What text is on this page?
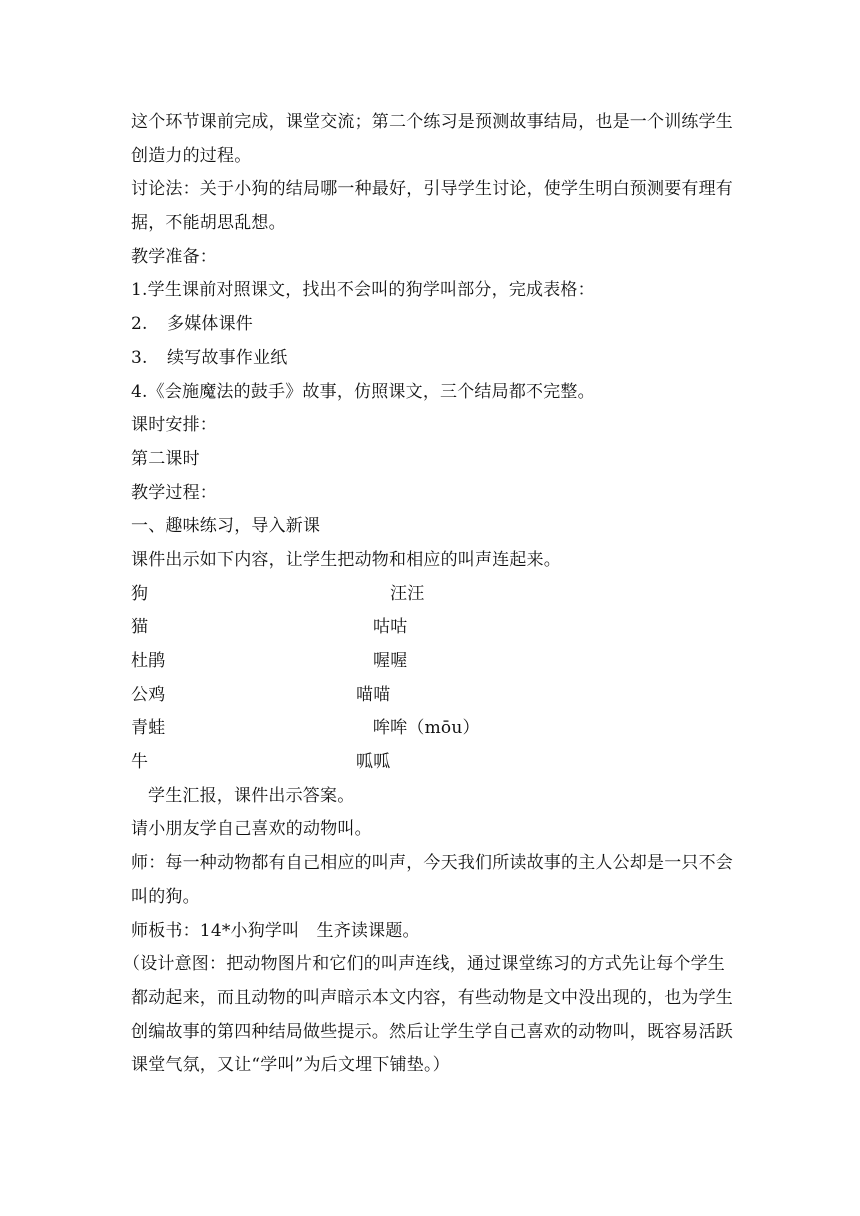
这个环节课前完成，课堂交流；第二个练习是预测故事结局，也是一个训练学生
创造力的过程。
讨论法：关于小狗的结局哪一种最好，引导学生讨论，使学生明白预测要有理有
据，不能胡思乱想。
教学准备：
1.学生课前对照课文，找出不会叫的狗学叫部分，完成表格：
2. 多媒体课件
3. 续写故事作业纸
4.《会施魔法的鼓手》故事，仿照课文，三个结局都不完整。
课时安排：
第二课时
教学过程：
一、趣味练习，导入新课
课件出示如下内容，让学生把动物和相应的叫声连起来。
狗	汪汪
猫	咕咕
杜鹃	喔喔
公鸡	喵喵
青蛙	哞哞（mōu）
牛	呱呱
学生汇报，课件出示答案。
请小朋友学自己喜欢的动物叫。
师：每一种动物都有自己相应的叫声，今天我们所读故事的主人公却是一只不会
叫的狗。
师板书：14*小狗学叫　生齐读课题。
（设计意图：把动物图片和它们的叫声连线，通过课堂练习的方式先让每个学生
都动起来，而且动物的叫声暗示本文内容，有些动物是文中没出现的，也为学生
创编故事的第四种结局做些提示。然后让学生学自己喜欢的动物叫，既容易活跃
课堂气氛，又让“学叫”为后文埋下铺垫。）
